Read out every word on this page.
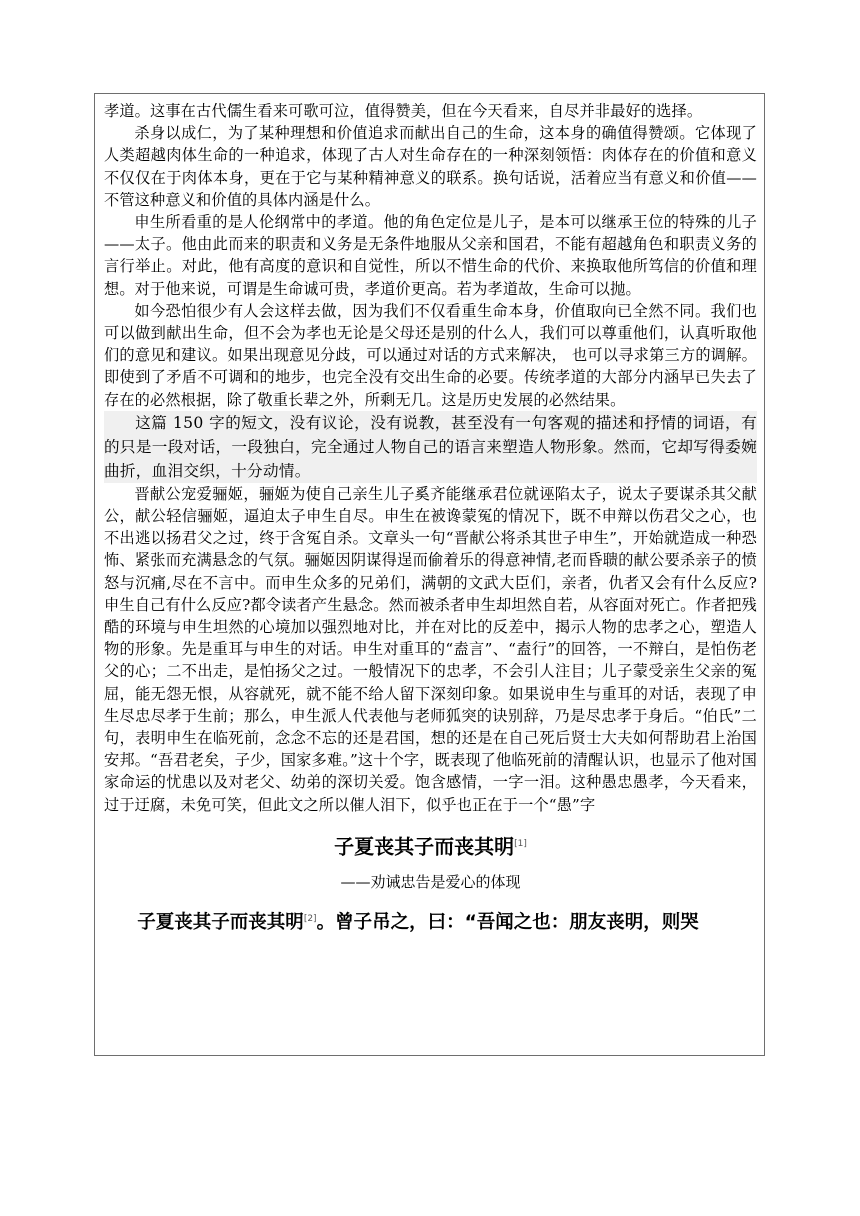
孝道。这事在古代儒生看来可歌可泣，值得赞美，但在今天看来，自尽并非最好的选择。

杀身以成仁，为了某种理想和价值追求而献出自己的生命，这本身的确值得赞颂。它体现了人类超越肉体生命的一种追求，体现了古人对生命存在的一种深刻领悟：肉体存在的价值和意义不仅仅在于肉体本身，更在于它与某种精神意义的联系。换句话说，活着应当有意义和价值——不管这种意义和价值的具体内涵是什么。

申生所看重的是人伦纲常中的孝道。他的角色定位是儿子，是本可以继承王位的特殊的儿子——太子。他由此而来的职责和义务是无条件地服从父亲和国君，不能有超越角色和职责义务的言行举止。对此，他有高度的意识和自觉性，所以不惜生命的代价、来换取他所笃信的价值和理想。对于他来说，可谓是生命诚可贵，孝道价更高。若为孝道故，生命可以抛。

如今恐怕很少有人会这样去做，因为我们不仅看重生命本身，价值取向已全然不同。我们也可以做到献出生命，但不会为孝也无论是父母还是别的什么人，我们可以尊重他们，认真听取他们的意见和建议。如果出现意见分歧，可以通过对话的方式来解决， 也可以寻求第三方的调解。即使到了矛盾不可调和的地步，也完全没有交出生命的必要。传统孝道的大部分内涵早已失去了存在的必然根据，除了敬重长辈之外，所剩无几。这是历史发展的必然结果。

这篇 150 字的短文，没有议论，没有说教，甚至没有一句客观的描述和抒情的词语，有的只是一段对话，一段独白，完全通过人物自己的语言来塑造人物形象。然而，它却写得委婉曲折，血泪交织，十分动情。

晋献公宠爱骊姬，骊姬为使自己亲生儿子奚齐能继承君位就诬陷太子，说太子要谋杀其父献公，献公轻信骊姬，逼迫太子申生自尽。申生在被谗蒙冤的情况下，既不申辩以伤君父之心，也不出逃以扬君父之过，终于含冤自杀。文章头一句“晋献公将杀其世子申生”，开始就造成一种恐怖、紧张而充满悬念的气氛。骊姬因阴谋得逞而偷着乐的得意神情,老而昏聩的献公要杀亲子的愤怒与沉痛,尽在不言中。而申生众多的兄弟们，满朝的文武大臣们，亲者，仇者又会有什么反应?申生自己有什么反应?都令读者产生悬念。然而被杀者申生却坦然自若，从容面对死亡。作者把残酷的环境与申生坦然的心境加以强烈地对比，并在对比的反差中，揭示人物的忠孝之心，塑造人物的形象。先是重耳与申生的对话。申生对重耳的“盍言”、“盍行”的回答，一不辩白，是怕伤老父的心；二不出走，是怕扬父之过。一般情况下的忠孝，不会引人注目；儿子蒙受亲生父亲的冤屈，能无怨无恨，从容就死，就不能不给人留下深刻印象。如果说申生与重耳的对话，表现了申生尽忠尽孝于生前；那么，申生派人代表他与老师狐突的诀别辞，乃是尽忠孝于身后。“伯氏”二句，表明申生在临死前，念念不忘的还是君国，想的还是在自己死后贤士大夫如何帮助君上治国安邦。“吾君老矣，子少，国家多难。”这十个字，既表现了他临死前的清醒认识，也显示了他对国家命运的忧患以及对老父、幼弟的深切关爱。饱含感情，一字一泪。这种愚忠愚孝，今天看来，过于迂腐，未免可笑，但此文之所以催人泪下，似乎也正在于一个“愚”字

子夏丧其子而丧其明[1]
——劝诫忠告是爱心的体现
子夏丧其子而丧其明[2]。曾子吊之，曰：“吾闻之也：朋友丧明，则哭
